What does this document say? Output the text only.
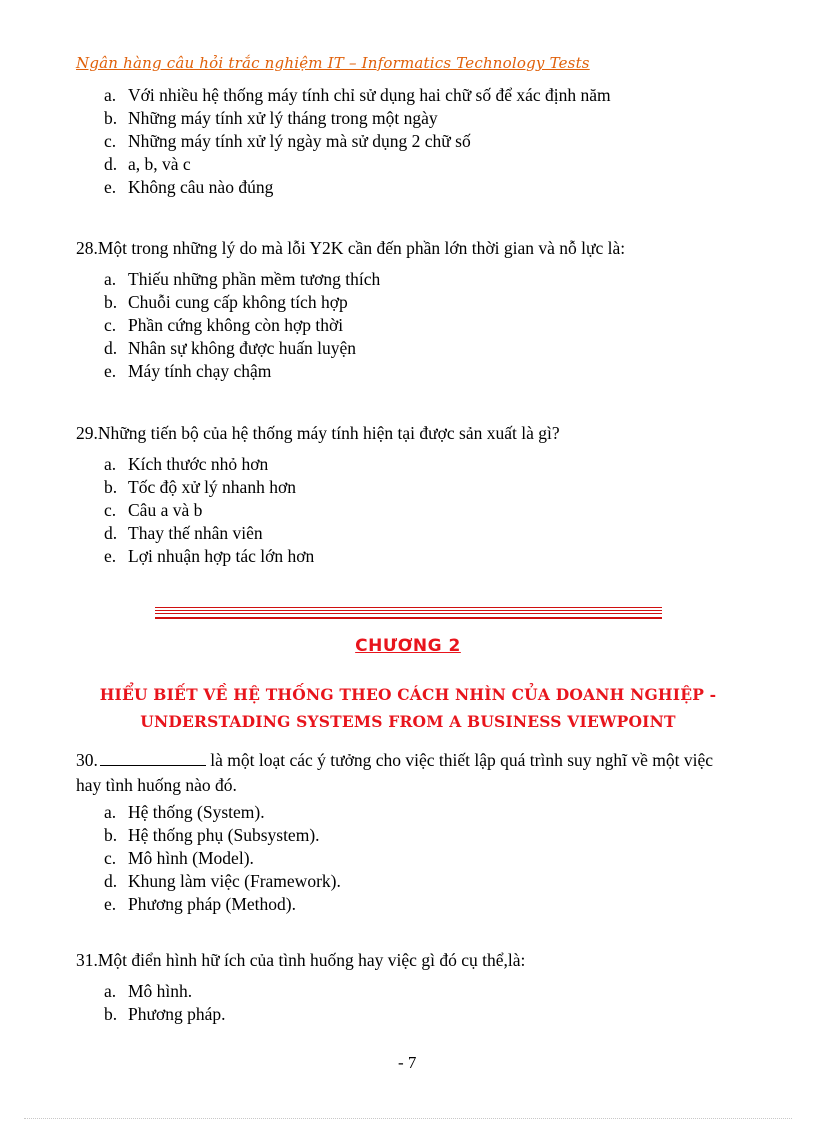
Ngân hàng câu hỏi trắc nghiệm IT – Informatics Technology Tests
a. Với nhiều hệ thống máy tính chỉ sử dụng hai chữ số để xác định năm
b. Những máy tính xử lý tháng trong một ngày
c. Những máy tính xử lý ngày mà sử dụng 2 chữ số
d. a, b, và c
e. Không câu nào đúng
28.Một trong những lý do mà lỗi Y2K cần đến phần lớn thời gian và nỗ lực là:
a. Thiếu những phần mềm tương thích
b. Chuỗi cung cấp không tích hợp
c. Phần cứng không còn hợp thời
d. Nhân sự không được huấn luyện
e. Máy tính chạy chậm
29.Những tiến bộ của hệ thống máy tính hiện tại được sản xuất là gì?
a. Kích thước nhỏ hơn
b. Tốc độ xử lý nhanh hơn
c. Câu a và b
d. Thay thế nhân viên
e. Lợi nhuận hợp tác lớn hơn
CHƯƠNG 2
HIỂU BIẾT VỀ HỆ THỐNG THEO CÁCH NHÌN CỦA DOANH NGHIỆP -
UNDERSTADING SYSTEMS FROM A BUSINESS VIEWPOINT
30.	là một loạt các ý tưởng cho việc thiết lập quá trình suy nghĩ về một việc hay tình huống nào đó.
a. Hệ thống (System).
b. Hệ thống phụ (Subsystem).
c. Mô hình (Model).
d. Khung làm việc (Framework).
e. Phương pháp (Method).
31.Một điển hình hữ ích của tình huống hay việc gì đó cụ thể,là:
a. Mô hình.
b. Phương pháp.
- 7
